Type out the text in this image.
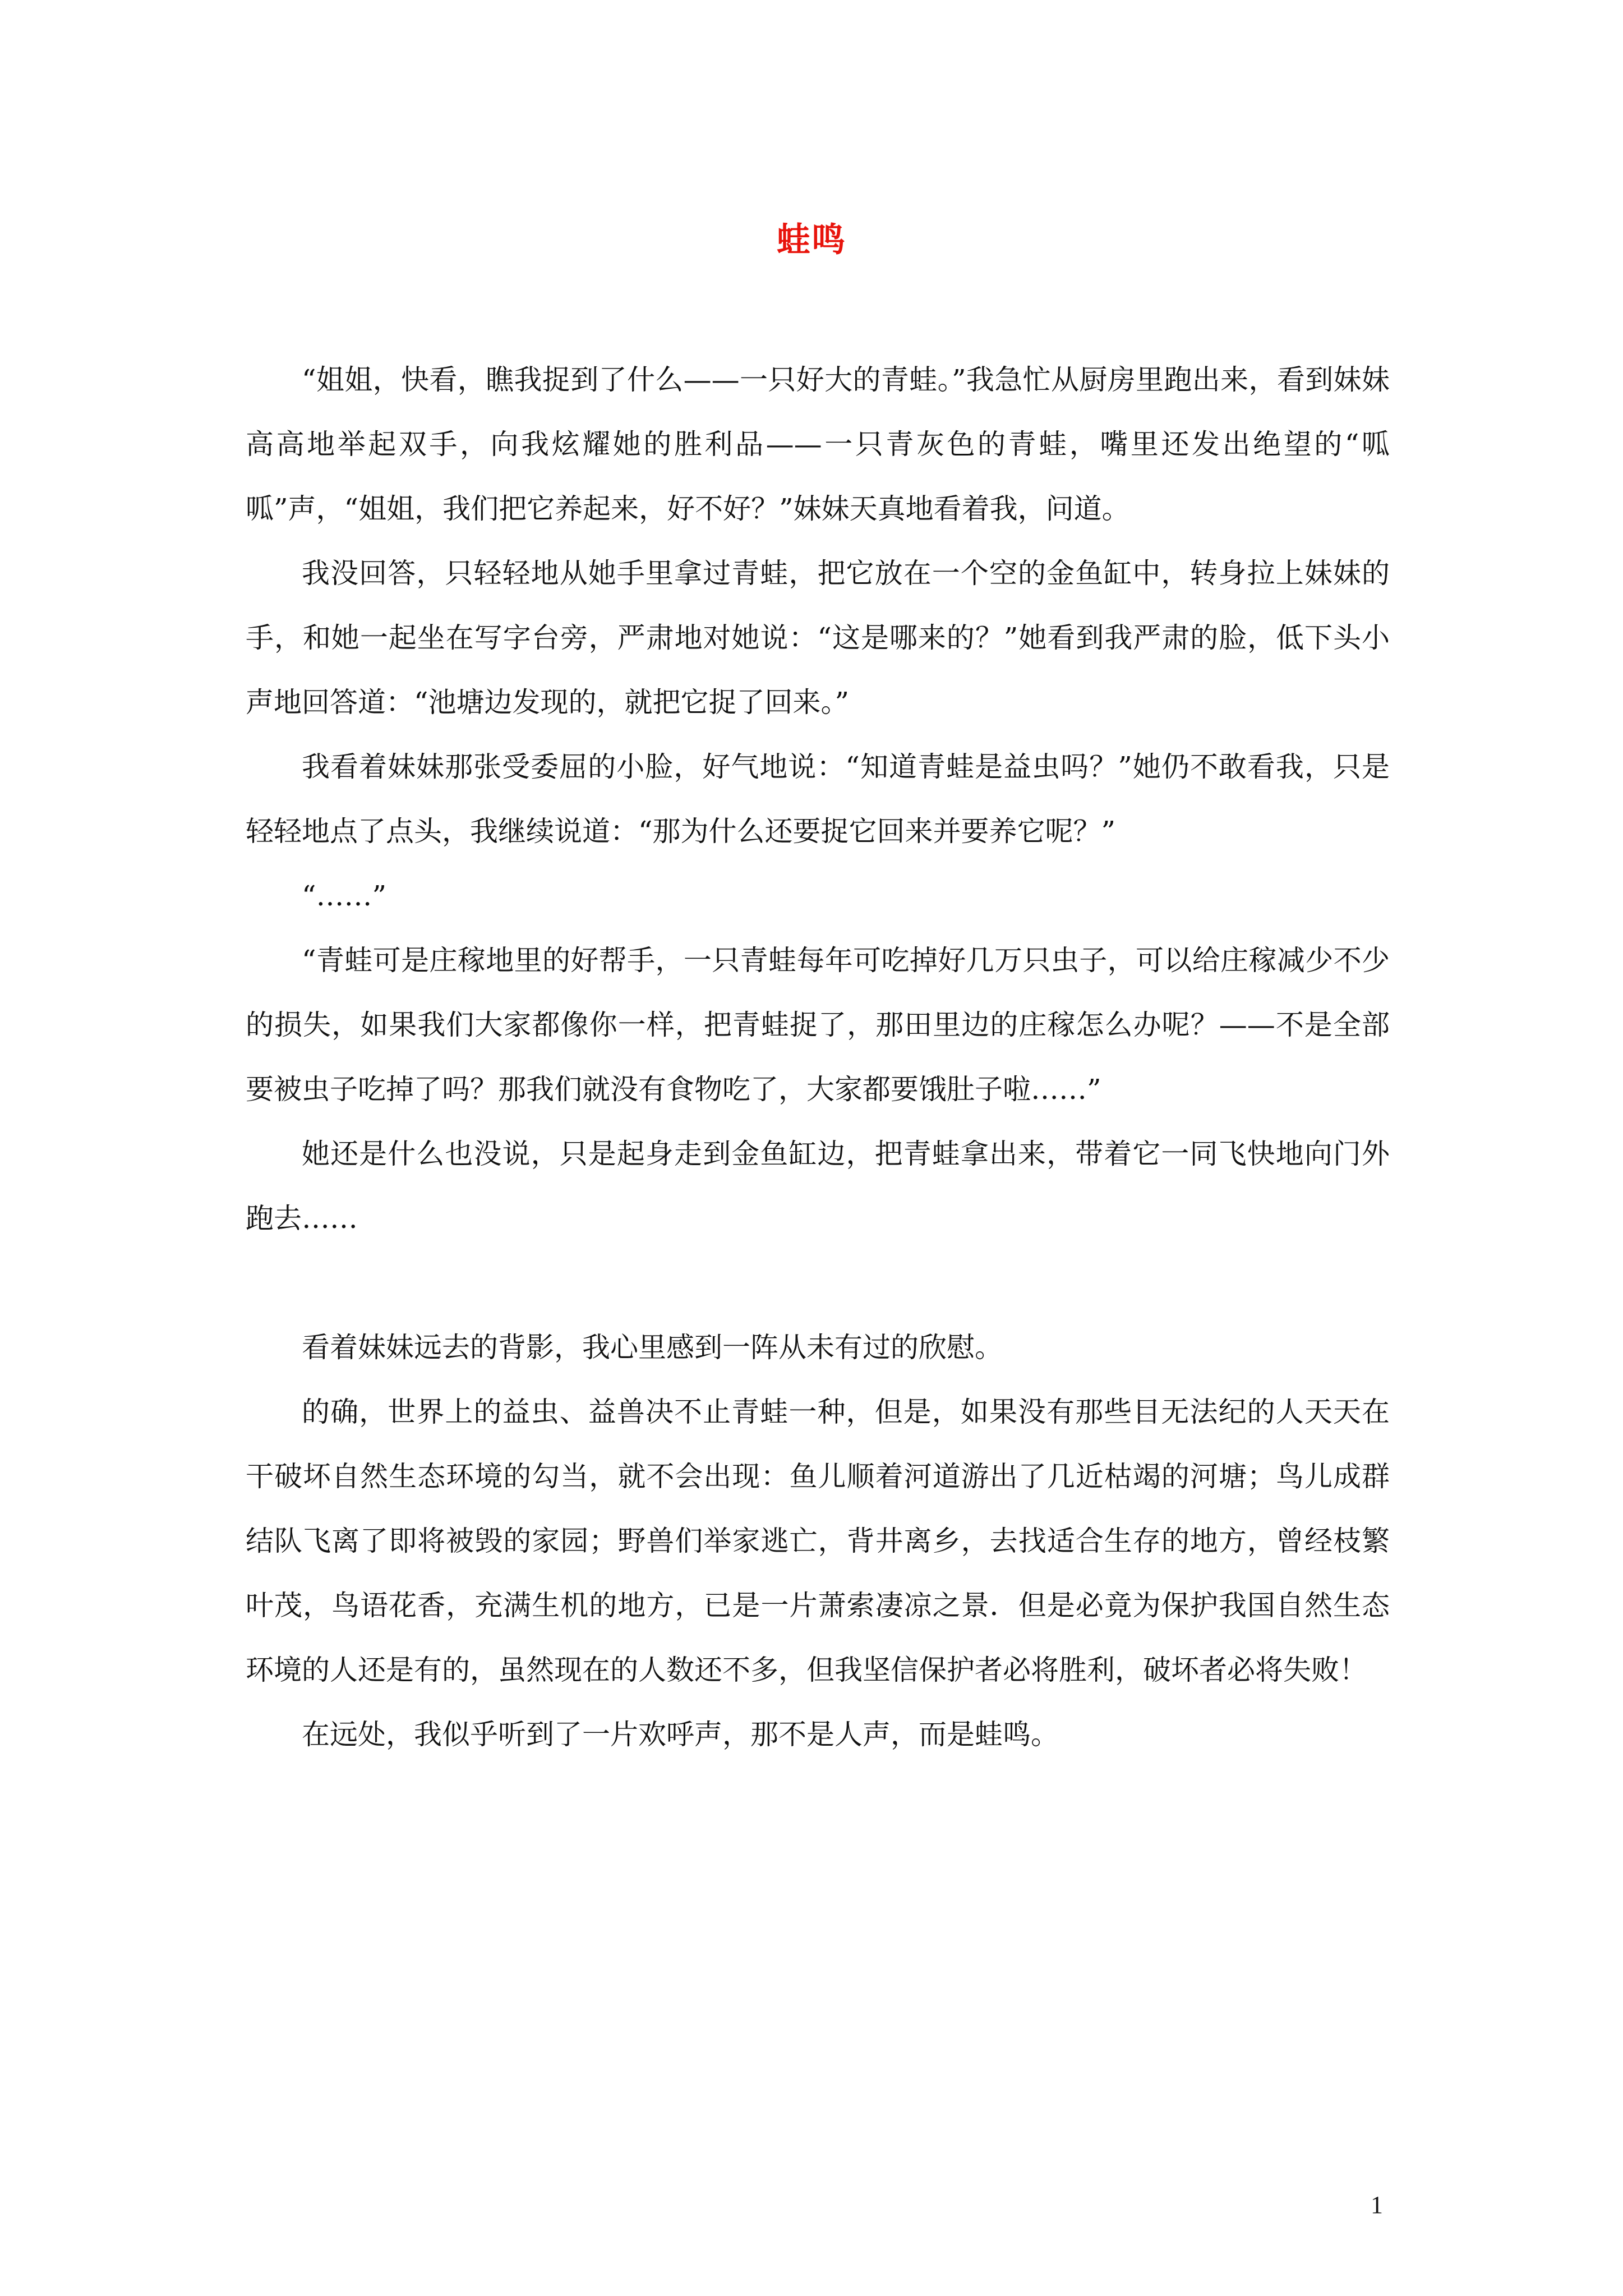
蛙鸣

“姐姐，快看，瞧我捉到了什么——一只好大的青蛙。”我急忙从厨房里跑出来，看到妹妹高高地举起双手，向我炫耀她的胜利品——一只青灰色的青蛙，嘴里还发出绝望的“呱呱”声，“姐姐，我们把它养起来，好不好？”妹妹天真地看着我，问道。

我没回答，只轻轻地从她手里拿过青蛙，把它放在一个空的金鱼缸中，转身拉上妹妹的手，和她一起坐在写字台旁，严肃地对她说：“这是哪来的？”她看到我严肃的脸，低下头小声地回答道：“池塘边发现的，就把它捉了回来。”

我看着妹妹那张受委屈的小脸，好气地说：“知道青蛙是益虫吗？”她仍不敢看我，只是轻轻地点了点头，我继续说道：“那为什么还要捉它回来并要养它呢？”

“……”

“青蛙可是庄稼地里的好帮手，一只青蛙每年可吃掉好几万只虫子，可以给庄稼减少不少的损失，如果我们大家都像你一样，把青蛙捉了，那田里边的庄稼怎么办呢？——不是全部要被虫子吃掉了吗？那我们就没有食物吃了，大家都要饿肚子啦……”

她还是什么也没说，只是起身走到金鱼缸边，把青蛙拿出来，带着它一同飞快地向门外跑去……

看着妹妹远去的背影，我心里感到一阵从未有过的欣慰。

的确，世界上的益虫、益兽决不止青蛙一种，但是，如果没有那些目无法纪的人天天在干破坏自然生态环境的勾当，就不会出现：鱼儿顺着河道游出了几近枯竭的河塘；鸟儿成群结队飞离了即将被毁的家园；野兽们举家逃亡，背井离乡，去找适合生存的地方，曾经枝繁叶茂，鸟语花香，充满生机的地方，已是一片萧索凄凉之景．但是必竟为保护我国自然生态环境的人还是有的，虽然现在的人数还不多，但我坚信保护者必将胜利，破坏者必将失败！

在远处，我似乎听到了一片欢呼声，那不是人声，而是蛙鸣。

1
